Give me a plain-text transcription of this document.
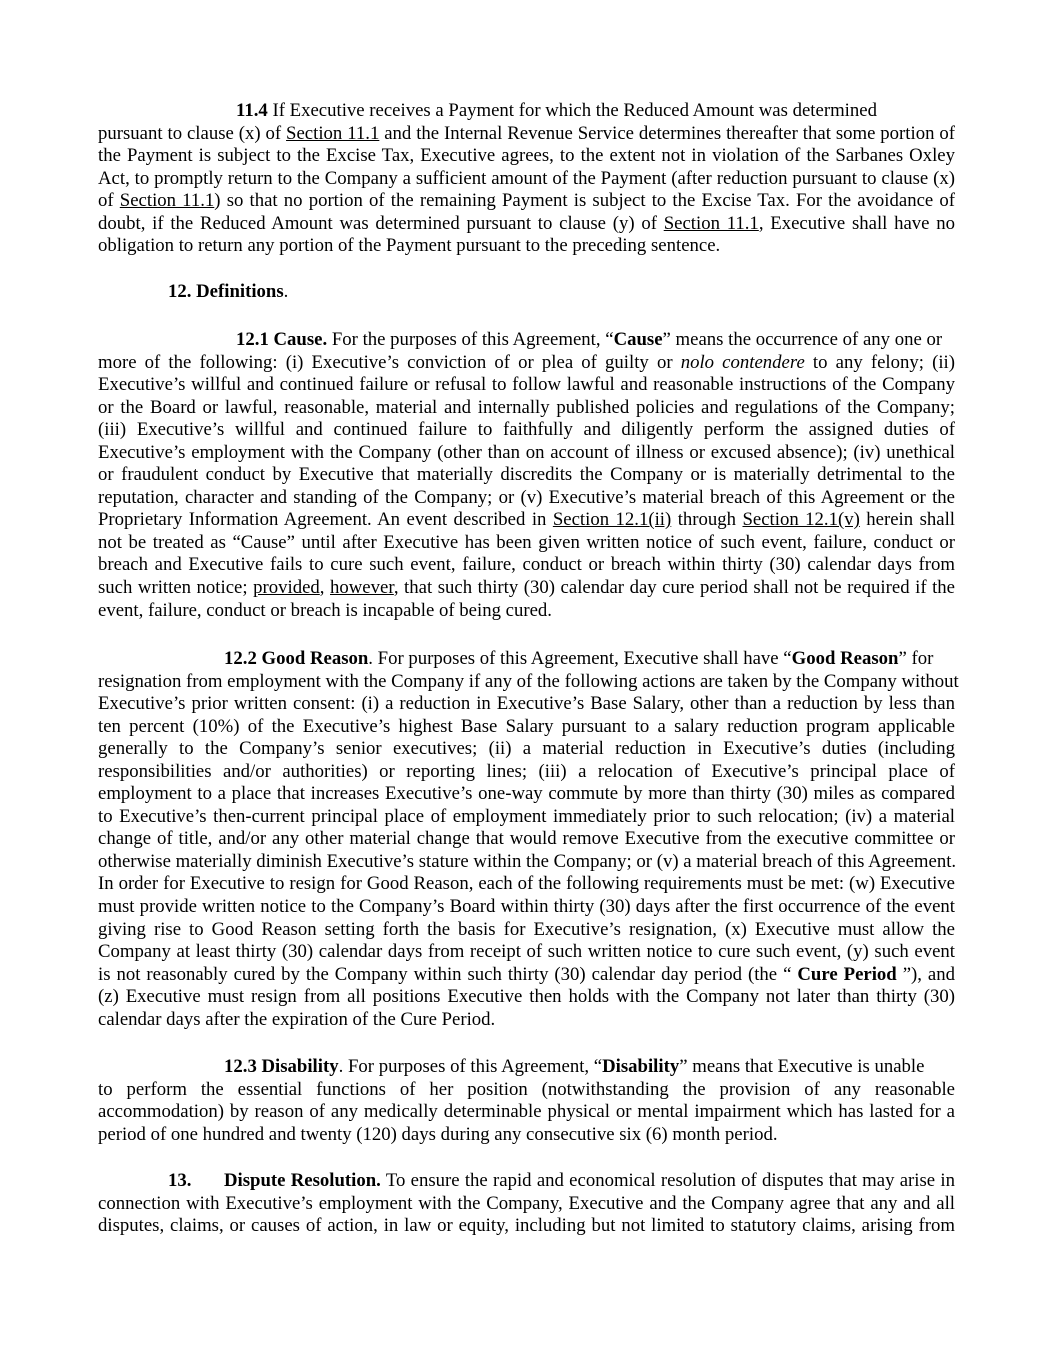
11.4 If Executive receives a Payment for which the Reduced Amount was determined
pursuant to clause (x) of Section 11.1 and the Internal Revenue Service determines thereafter that some portion of
the Payment is subject to the Excise Tax, Executive agrees, to the extent not in violation of the Sarbanes Oxley
Act, to promptly return to the Company a sufficient amount of the Payment (after reduction pursuant to clause (x)
of Section 11.1) so that no portion of the remaining Payment is subject to the Excise Tax. For the avoidance of
doubt, if the Reduced Amount was determined pursuant to clause (y) of Section 11.1, Executive shall have no
obligation to return any portion of the Payment pursuant to the preceding sentence.
12. Definitions.
12.1 Cause. For the purposes of this Agreement, “Cause” means the occurrence of any one or
more of the following: (i) Executive’s conviction of or plea of guilty or nolo contendere to any felony; (ii)
Executive’s willful and continued failure or refusal to follow lawful and reasonable instructions of the Company
or the Board or lawful, reasonable, material and internally published policies and regulations of the Company;
(iii) Executive’s willful and continued failure to faithfully and diligently perform the assigned duties of
Executive’s employment with the Company (other than on account of illness or excused absence); (iv) unethical
or fraudulent conduct by Executive that materially discredits the Company or is materially detrimental to the
reputation, character and standing of the Company; or (v) Executive’s material breach of this Agreement or the
Proprietary Information Agreement. An event described in Section 12.1(ii) through Section 12.1(v) herein shall
not be treated as “Cause” until after Executive has been given written notice of such event, failure, conduct or
breach and Executive fails to cure such event, failure, conduct or breach within thirty (30) calendar days from
such written notice; provided, however, that such thirty (30) calendar day cure period shall not be required if the
event, failure, conduct or breach is incapable of being cured.
12.2 Good Reason. For purposes of this Agreement, Executive shall have “Good Reason” for
resignation from employment with the Company if any of the following actions are taken by the Company without
Executive’s prior written consent: (i) a reduction in Executive’s Base Salary, other than a reduction by less than
ten percent (10%) of the Executive’s highest Base Salary pursuant to a salary reduction program applicable
generally to the Company’s senior executives; (ii) a material reduction in Executive’s duties (including
responsibilities and/or authorities) or reporting lines; (iii) a relocation of Executive’s principal place of
employment to a place that increases Executive’s one-way commute by more than thirty (30) miles as compared
to Executive’s then-current principal place of employment immediately prior to such relocation; (iv) a material
change of title, and/or any other material change that would remove Executive from the executive committee or
otherwise materially diminish Executive’s stature within the Company; or (v) a material breach of this Agreement.
In order for Executive to resign for Good Reason, each of the following requirements must be met: (w) Executive
must provide written notice to the Company’s Board within thirty (30) days after the first occurrence of the event
giving rise to Good Reason setting forth the basis for Executive’s resignation, (x) Executive must allow the
Company at least thirty (30) calendar days from receipt of such written notice to cure such event, (y) such event
is not reasonably cured by the Company within such thirty (30) calendar day period (the “ Cure Period ”), and
(z) Executive must resign from all positions Executive then holds with the Company not later than thirty (30)
calendar days after the expiration of the Cure Period.
12.3 Disability. For purposes of this Agreement, “Disability” means that Executive is unable
to perform the essential functions of her position (notwithstanding the provision of any reasonable
accommodation) by reason of any medically determinable physical or mental impairment which has lasted for a
period of one hundred and twenty (120) days during any consecutive six (6) month period.
13. Dispute Resolution. To ensure the rapid and economical resolution of disputes that may arise in
connection with Executive’s employment with the Company, Executive and the Company agree that any and all
disputes, claims, or causes of action, in law or equity, including but not limited to statutory claims, arising from
